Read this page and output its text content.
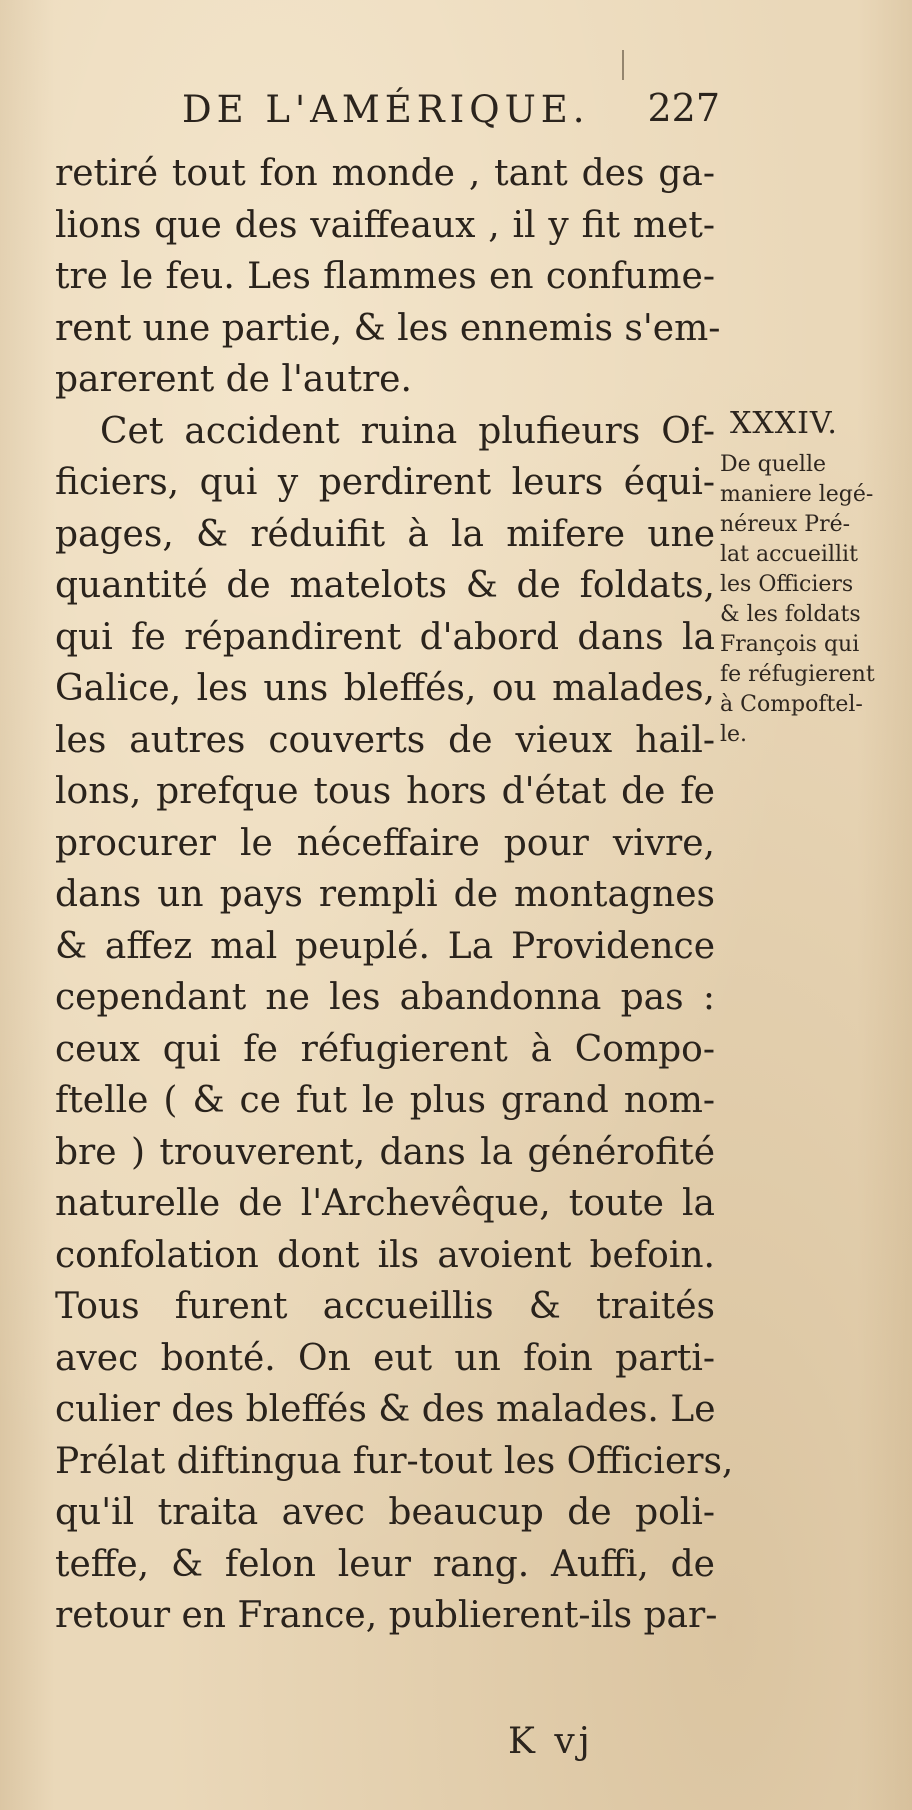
DE L'AMÉRIQUE. 227
retiré tout fon monde , tant des ga-
lions que des vaiffeaux , il y fit met-
tre le feu. Les flammes en confume-
rent une partie, & les ennemis s'em-
parerent de l'autre.
Cet accident ruina plufieurs Of-
ficiers, qui y perdirent leurs équi-
pages, & réduifit à la mifere une
quantité de matelots & de foldats,
qui fe répandirent d'abord dans la
Galice, les uns bleffés, ou malades,
les autres couverts de vieux hail-
lons, prefque tous hors d'état de fe
procurer le néceffaire pour vivre,
dans un pays rempli de montagnes
& affez mal peuplé. La Providence
cependant ne les abandonna pas :
ceux qui fe réfugierent à Compo-
ftelle ( & ce fut le plus grand nom-
bre ) trouverent, dans la générofité
naturelle de l'Archevêque, toute la
confolation dont ils avoient befoin.
Tous furent accueillis & traités
avec bonté. On eut un foin parti-
culier des bleffés & des malades. Le
Prélat diftingua fur-tout les Officiers,
qu'il traita avec beaucup de poli-
teffe, & felon leur rang. Auffi, de
retour en France, publierent-ils par-
XXXIV.
De quelle
maniere legé-
néreux Pré-
lat accueillit
les Officiers
& les foldats
François qui
fe réfugierent
à Compoftel-
le.
K vj
